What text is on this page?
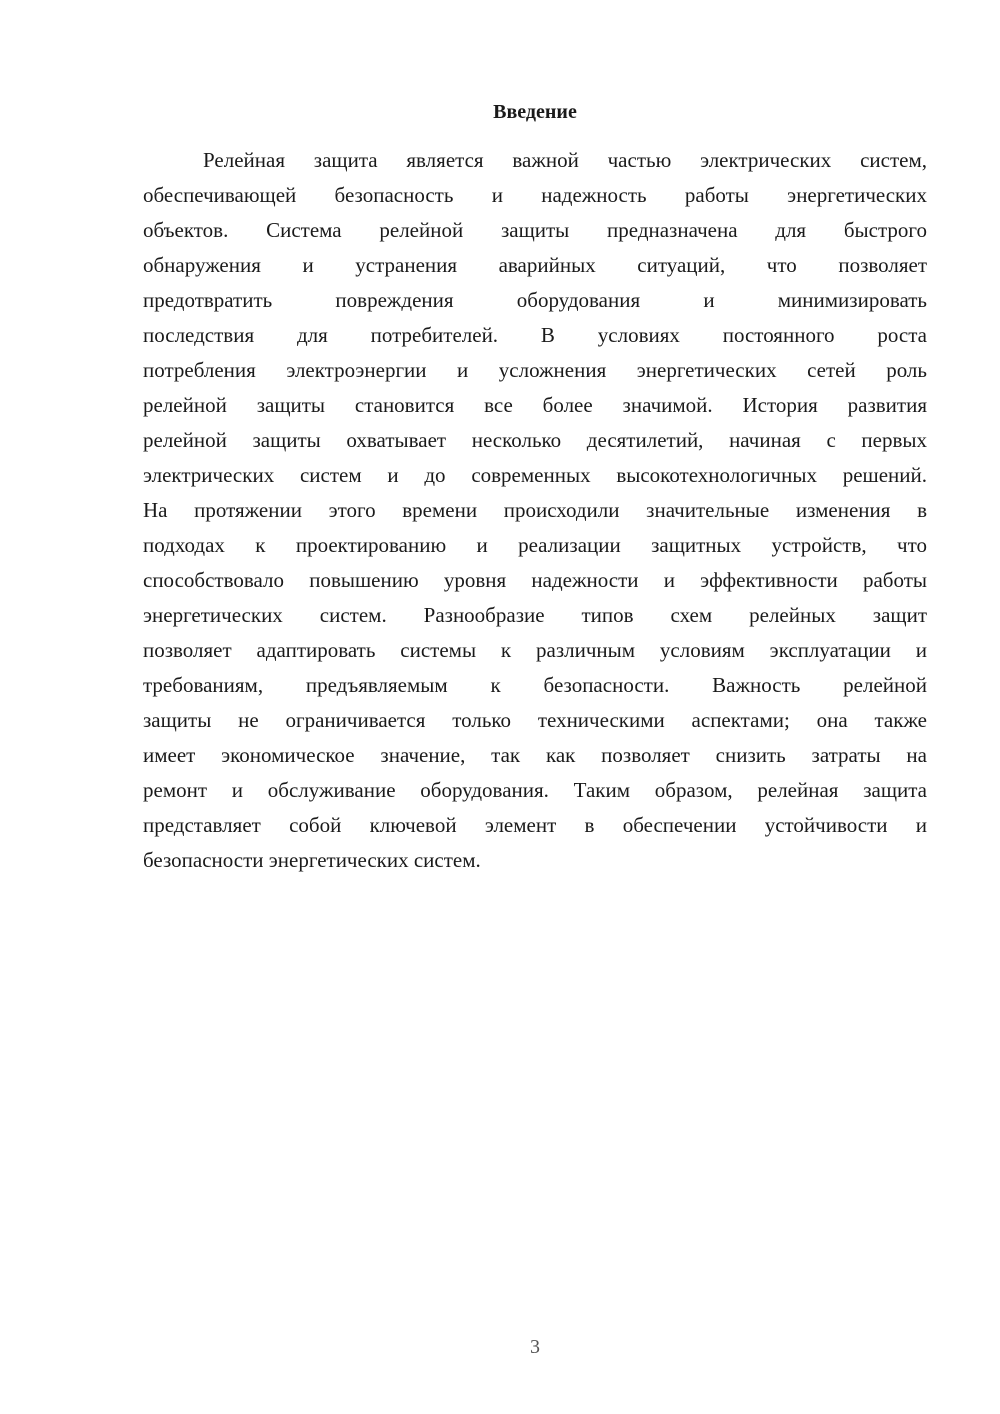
Введение
Релейная защита является важной частью электрических систем,
обеспечивающей безопасность и надежность работы энергетических
объектов. Система релейной защиты предназначена для быстрого
обнаружения и устранения аварийных ситуаций, что позволяет
предотвратить повреждения оборудования и минимизировать
последствия для потребителей. В условиях постоянного роста
потребления электроэнергии и усложнения энергетических сетей роль
релейной защиты становится все более значимой. История развития
релейной защиты охватывает несколько десятилетий, начиная с первых
электрических систем и до современных высокотехнологичных решений.
На протяжении этого времени происходили значительные изменения в
подходах к проектированию и реализации защитных устройств, что
способствовало повышению уровня надежности и эффективности работы
энергетических систем. Разнообразие типов схем релейных защит
позволяет адаптировать системы к различным условиям эксплуатации и
требованиям, предъявляемым к безопасности. Важность релейной
защиты не ограничивается только техническими аспектами; она также
имеет экономическое значение, так как позволяет снизить затраты на
ремонт и обслуживание оборудования. Таким образом, релейная защита
представляет собой ключевой элемент в обеспечении устойчивости и
безопасности энергетических систем.
3
